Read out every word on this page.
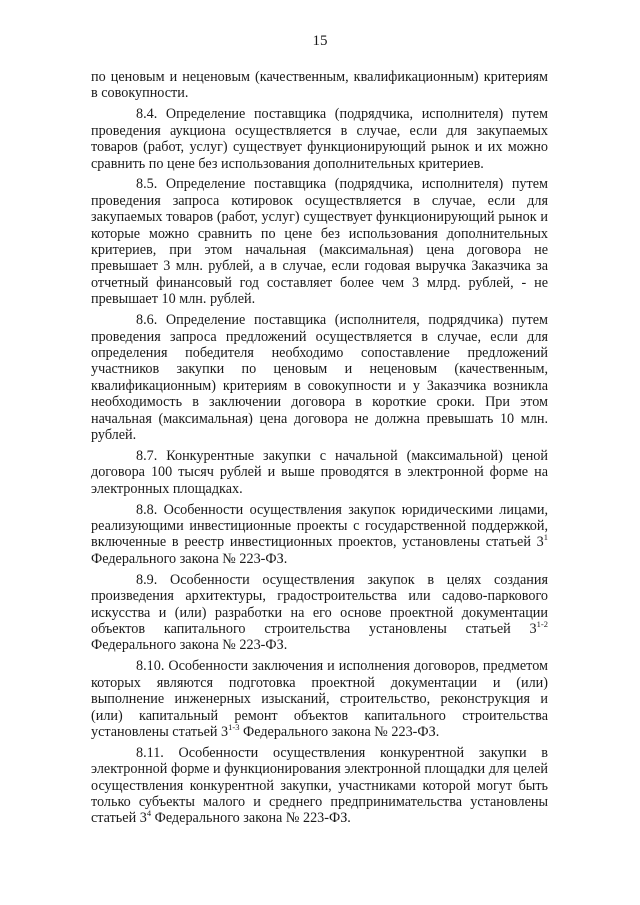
15

по ценовым и неценовым (качественным, квалификационным) критериям в совокупности.

8.4. Определение поставщика (подрядчика, исполнителя) путем проведения аукциона осуществляется в случае, если для закупаемых товаров (работ, услуг) существует функционирующий рынок и их можно сравнить по цене без использования дополнительных критериев.

8.5. Определение поставщика (подрядчика, исполнителя) путем проведения запроса котировок осуществляется в случае, если для закупаемых товаров (работ, услуг) существует функционирующий рынок и которые можно сравнить по цене без использования дополнительных критериев, при этом начальная (максимальная) цена договора не превышает 3 млн. рублей, а в случае, если годовая выручка Заказчика за отчетный финансовый год составляет более чем 3 млрд. рублей, - не превышает 10 млн. рублей.

8.6. Определение поставщика (исполнителя, подрядчика) путем проведения запроса предложений осуществляется в случае, если для определения победителя необходимо сопоставление предложений участников закупки по ценовым и неценовым (качественным, квалификационным) критериям в совокупности и у Заказчика возникла необходимость в заключении договора в короткие сроки. При этом начальная (максимальная) цена договора не должна превышать 10 млн. рублей.

8.7. Конкурентные закупки с начальной (максимальной) ценой договора 100 тысяч рублей и выше проводятся в электронной форме на электронных площадках.

8.8. Особенности осуществления закупок юридическими лицами, реализующими инвестиционные проекты с государственной поддержкой, включенные в реестр инвестиционных проектов, установлены статьей $3^1$ Федерального закона № 223-ФЗ.

8.9. Особенности осуществления закупок в целях создания произведения архитектуры, градостроительства или садово-паркового искусства и (или) разработки на его основе проектной документации объектов капитального строительства установлены статьей 3$^{1-2}$ Федерального закона № 223-ФЗ.

8.10. Особенности заключения и исполнения договоров, предметом которых являются подготовка проектной документации и (или) выполнение инженерных изысканий, строительство, реконструкция и (или) капитальный ремонт объектов капитального строительства установлены статьей 3$^{1-3}$ Федерального закона № 223-ФЗ.

8.11. Особенности осуществления конкурентной закупки в электронной форме и функционирования электронной площадки для целей осуществления конкурентной закупки, участниками которой могут быть только субъекты малого и среднего предпринимательства установлены статьей $3^4$ Федерального закона № 223-ФЗ.
